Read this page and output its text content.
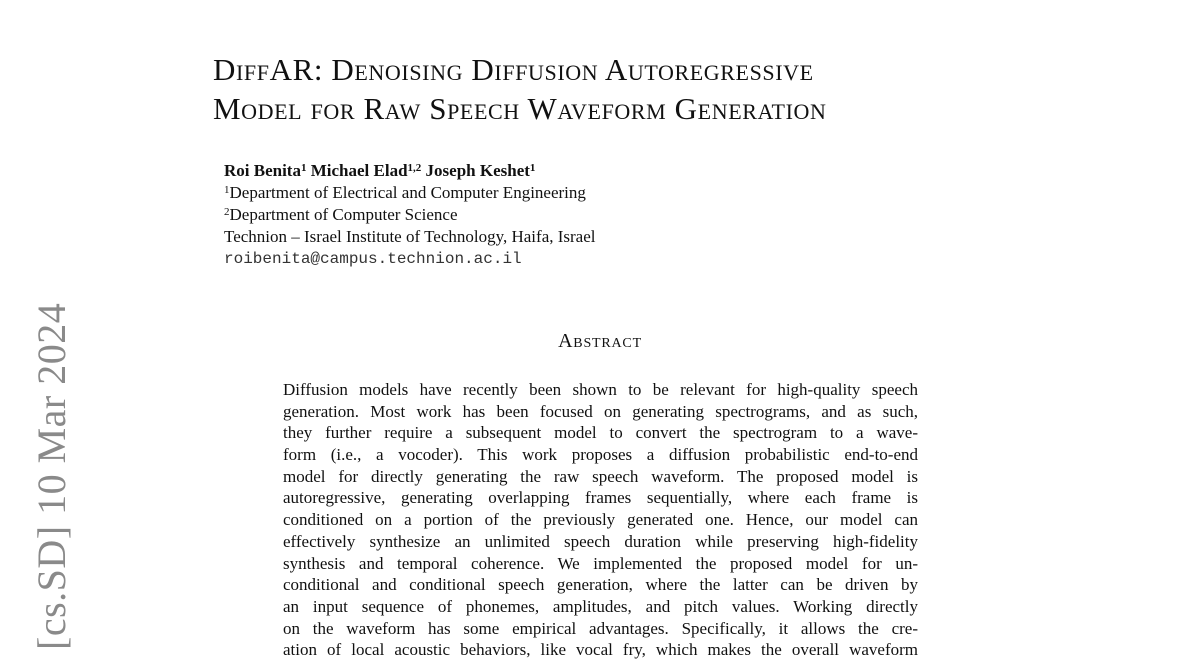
[cs.SD] 10 Mar 2024
DiffAR: Denoising Diffusion Autoregressive
Model for Raw Speech Waveform Generation
Roi Benita$^1$ Michael Elad$^{1,2}$ Joseph Keshet$^1$
$^1$Department of Electrical and Computer Engineering
$^2$Department of Computer Science
Technion – Israel Institute of Technology, Haifa, Israel
roibenita@campus.technion.ac.il
Abstract
Diffusion models have recently been shown to be relevant for high-quality speech
generation. Most work has been focused on generating spectrograms, and as such,
they further require a subsequent model to convert the spectrogram to a wave-
form (i.e., a vocoder). This work proposes a diffusion probabilistic end-to-end
model for directly generating the raw speech waveform. The proposed model is
autoregressive, generating overlapping frames sequentially, where each frame is
conditioned on a portion of the previously generated one. Hence, our model can
effectively synthesize an unlimited speech duration while preserving high-fidelity
synthesis and temporal coherence. We implemented the proposed model for un-
conditional and conditional speech generation, where the latter can be driven by
an input sequence of phonemes, amplitudes, and pitch values. Working directly
on the waveform has some empirical advantages. Specifically, it allows the cre-
ation of local acoustic behaviors, like vocal fry, which makes the overall waveform
